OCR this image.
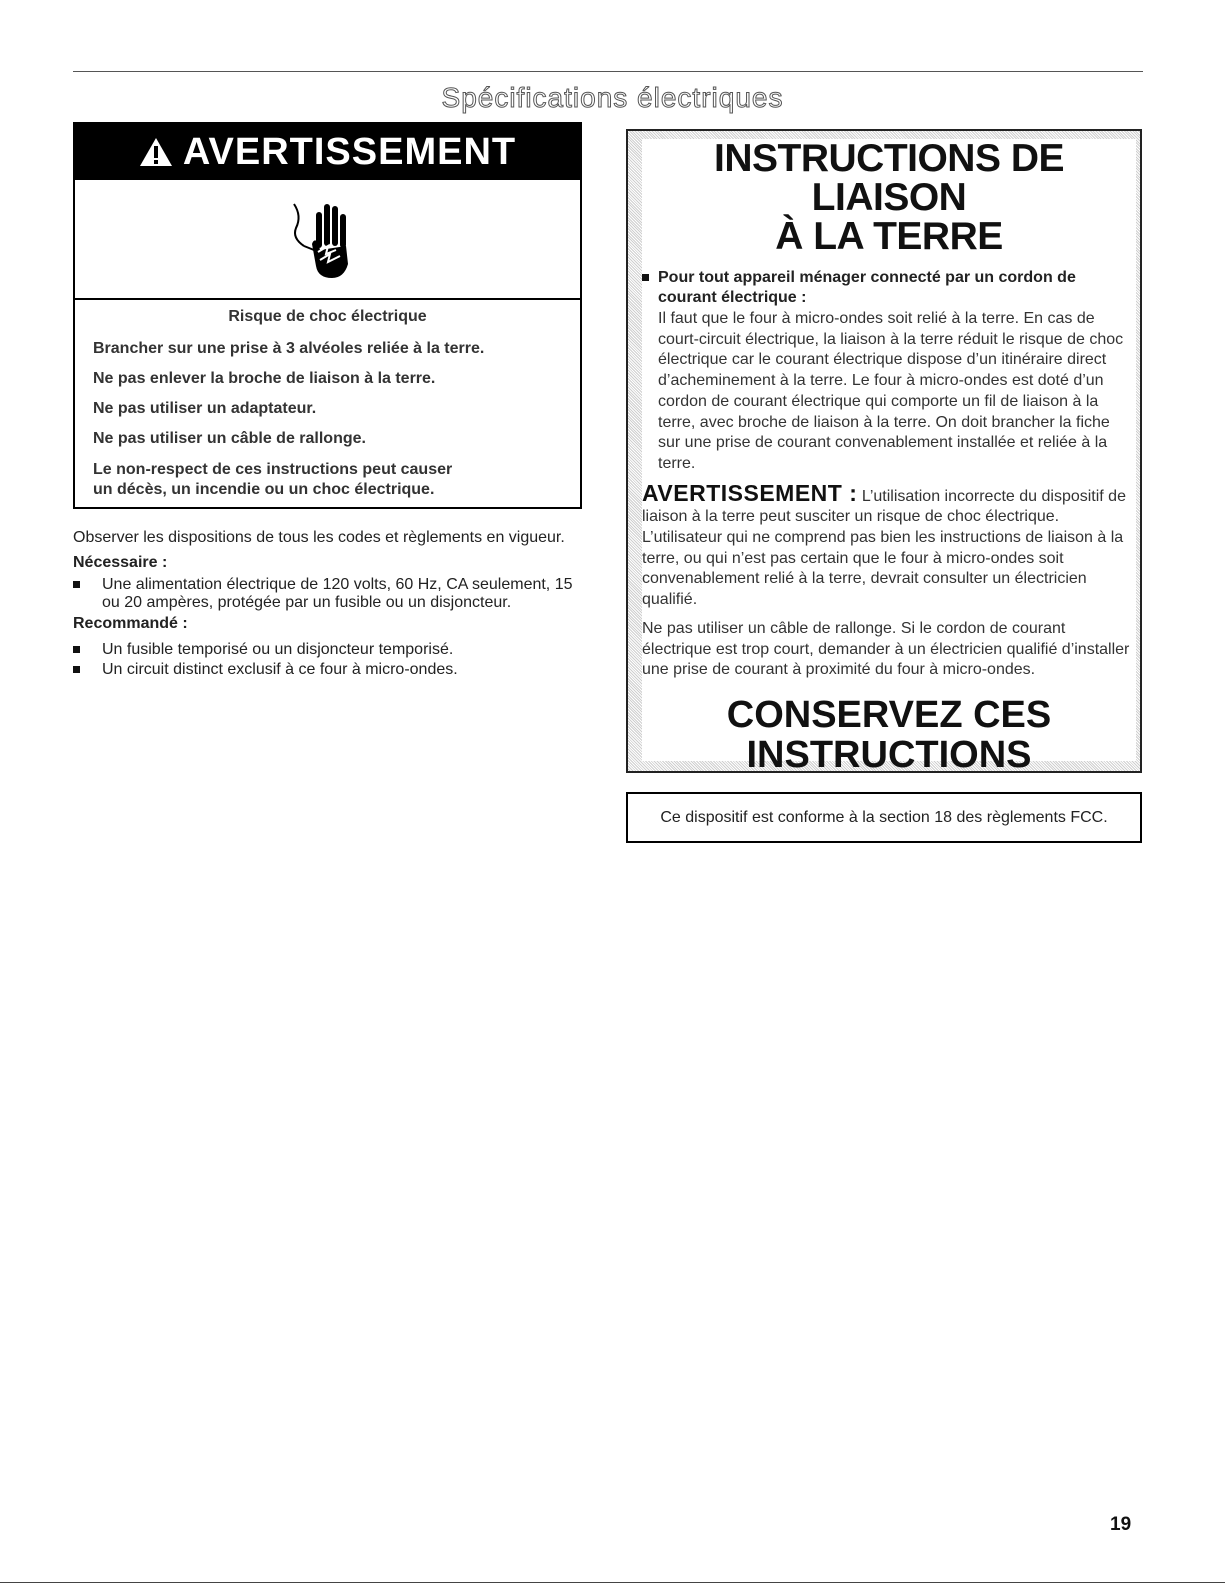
Spécifications électriques
AVERTISSEMENT

Risque de choc électrique

Brancher sur une prise à 3 alvéoles reliée à la terre.

Ne pas enlever la broche de liaison à la terre.

Ne pas utiliser un adaptateur.

Ne pas utiliser un câble de rallonge.

Le non-respect de ces instructions peut causer
un décès, un incendie ou un choc électrique.

Observer les dispositions de tous les codes et règlements en vigueur.

Nécessaire :

Une alimentation électrique de 120 volts, 60 Hz, CA seulement, 15 ou 20 ampères, protégée par un fusible ou un disjoncteur.

Recommandé :

Un fusible temporisé ou un disjoncteur temporisé.
Un circuit distinct exclusif à ce four à micro-ondes.

INSTRUCTIONS DE LIAISON
À LA TERRE

Pour tout appareil ménager connecté par un cordon de courant électrique :

Il faut que le four à micro-ondes soit relié à la terre. En cas de court-circuit électrique, la liaison à la terre réduit le risque de choc électrique car le courant électrique dispose d’un itinéraire direct d’acheminement à la terre. Le four à micro-ondes est doté d’un cordon de courant électrique qui comporte un fil de liaison à la terre, avec broche de liaison à la terre. On doit brancher la fiche sur une prise de courant convenablement installée et reliée à la terre.

AVERTISSEMENT : L’utilisation incorrecte du dispositif de liaison à la terre peut susciter un risque de choc électrique. L’utilisateur qui ne comprend pas bien les instructions de liaison à la terre, ou qui n’est pas certain que le four à micro-ondes soit convenablement relié à la terre, devrait consulter un électricien qualifié.

Ne pas utiliser un câble de rallonge. Si le cordon de courant électrique est trop court, demander à un électricien qualifié d’installer une prise de courant à proximité du four à micro-ondes.

CONSERVEZ CES
INSTRUCTIONS

Ce dispositif est conforme à la section 18 des règlements FCC.
19
